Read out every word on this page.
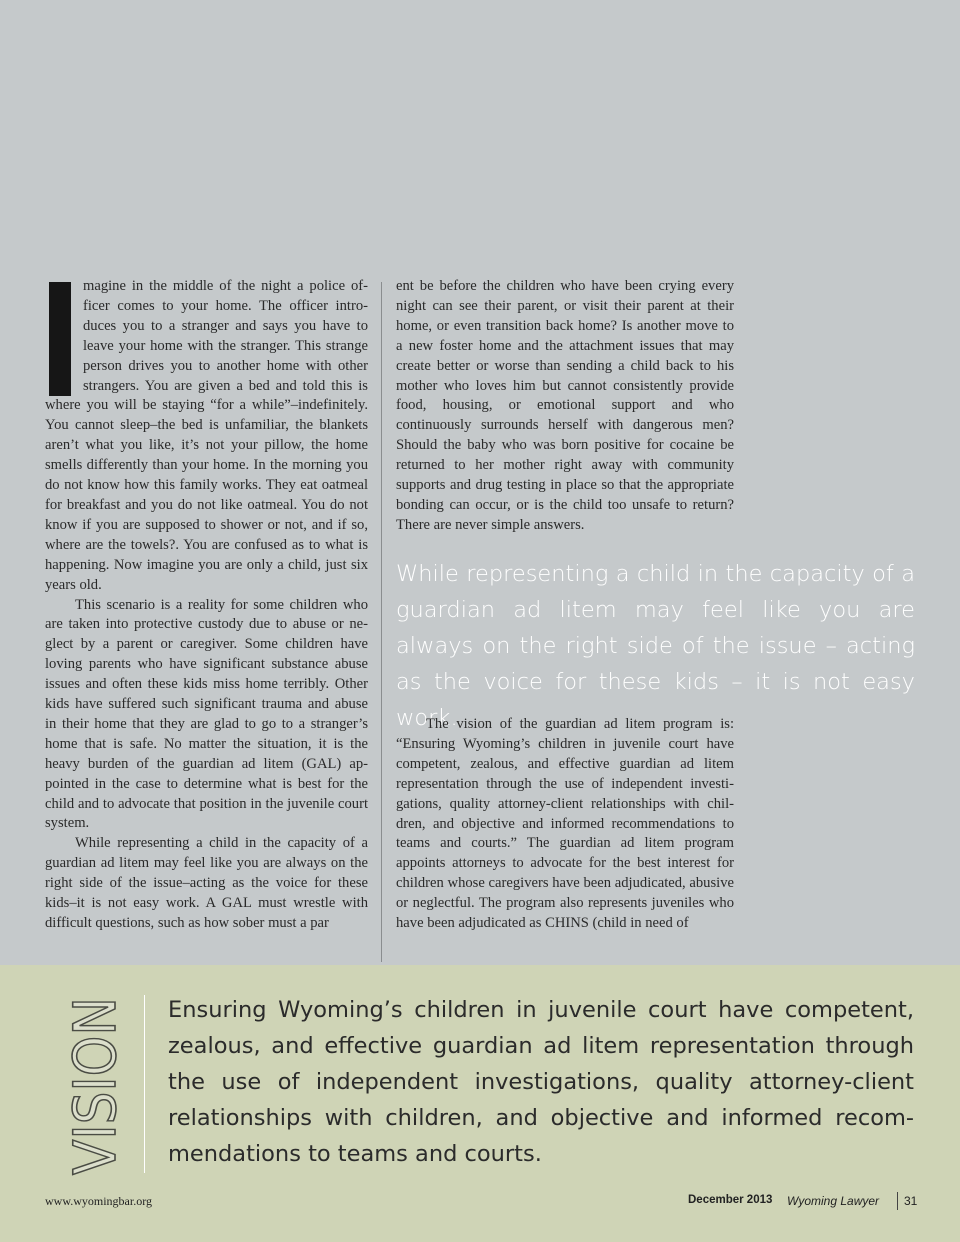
magine in the middle of the night a police officer comes to your home. The officer introduces you to a stranger and says you have to leave your home with the stranger. This strange person drives you to another home with other strangers. You are given a bed and told this is where you will be staying “for a while”–indefinitely. You cannot sleep–the bed is unfamiliar, the blankets aren’t what you like, it’s not your pillow, the home smells differently than your home. In the morning you do not know how this family works. They eat oatmeal for breakfast and you do not like oatmeal. You do not know if you are supposed to shower or not, and if so, where are the towels?. You are confused as to what is happening. Now imagine you are only a child, just six years old.

This scenario is a reality for some children who are taken into protective custody due to abuse or neglect by a parent or caregiver. Some children have loving parents who have significant substance abuse issues and often these kids miss home terribly. Other kids have suffered such significant trauma and abuse in their home that they are glad to go to a stranger’s home that is safe. No matter the situation, it is the heavy burden of the guardian ad litem (GAL) appointed in the case to determine what is best for the child and to advocate that position in the juvenile court system.

While representing a child in the capacity of a guardian ad litem may feel like you are always on the right side of the issue–acting as the voice for these kids–it is not easy work. A GAL must wrestle with difficult questions, such as how sober must a par

ent be before the children who have been crying every night can see their parent, or visit their parent at their home, or even transition back home? Is another move to a new foster home and the attachment issues that may create better or worse than sending a child back to his mother who loves him but cannot consistently provide food, housing, or emotional support and who continuously surrounds herself with dangerous men? Should the baby who was born positive for cocaine be returned to her mother right away with community supports and drug testing in place so that the appropriate bonding can occur, or is the child too unsafe to return? There are never simple answers.

While representing a child in the capacity of a guardian ad litem may feel like you are always on the right side of the issue – acting as the voice for these kids – it is not easy work.

The vision of the guardian ad litem program is: “Ensuring Wyoming’s children in juvenile court have competent, zealous, and effective guardian ad litem representation through the use of independent investigations, quality attorney-client relationships with children, and objective and informed recommendations to teams and courts.” The guardian ad litem program appoints attorneys to advocate for the best interest for children whose caregivers have been adjudicated, abusive or neglectful. The program also represents juveniles who have been adjudicated as CHINS (child in need of

VISION Ensuring Wyoming’s children in juvenile court have competent, zealous, and effective guardian ad litem representation through the use of independent investigations, quality attorney-client relationships with children, and objective and informed recommendations to teams and courts.
www.wyomingbar.org	December 2013 Wyoming Lawyer 31
